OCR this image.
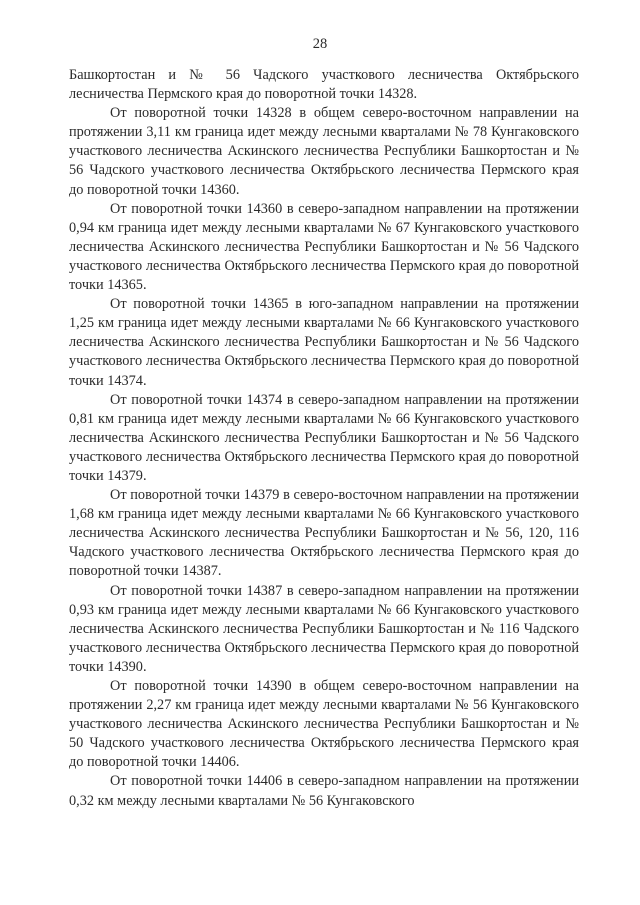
28

Башкортостан и № 56 Чадского участкового лесничества Октябрьского лесничества Пермского края до поворотной точки 14328.

От поворотной точки 14328 в общем северо-восточном направлении на протяжении 3,11 км граница идет между лесными кварталами № 78 Кунгаковского участкового лесничества Аскинского лесничества Республики Башкортостан и № 56 Чадского участкового лесничества Октябрьского лесничества Пермского края до поворотной точки 14360.

От поворотной точки 14360 в северо-западном направлении на протяжении 0,94 км граница идет между лесными кварталами № 67 Кунгаковского участкового лесничества Аскинского лесничества Республики Башкортостан и № 56 Чадского участкового лесничества Октябрьского лесничества Пермского края до поворотной точки 14365.

От поворотной точки 14365 в юго-западном направлении на протяжении 1,25 км граница идет между лесными кварталами № 66 Кунгаковского участкового лесничества Аскинского лесничества Республики Башкортостан и № 56 Чадского участкового лесничества Октябрьского лесничества Пермского края до поворотной точки 14374.

От поворотной точки 14374 в северо-западном направлении на протяжении 0,81 км граница идет между лесными кварталами № 66 Кунгаковского участкового лесничества Аскинского лесничества Республики Башкортостан и № 56 Чадского участкового лесничества Октябрьского лесничества Пермского края до поворотной точки 14379.

От поворотной точки 14379 в северо-восточном направлении на протяжении 1,68 км граница идет между лесными кварталами № 66 Кунгаковского участкового лесничества Аскинского лесничества Республики Башкортостан и № 56, 120, 116 Чадского участкового лесничества Октябрьского лесничества Пермского края до поворотной точки 14387.

От поворотной точки 14387 в северо-западном направлении на протяжении 0,93 км граница идет между лесными кварталами № 66 Кунгаковского участкового лесничества Аскинского лесничества Республики Башкортостан и № 116 Чадского участкового лесничества Октябрьского лесничества Пермского края до поворотной точки 14390.

От поворотной точки 14390 в общем северо-восточном направлении на протяжении 2,27 км граница идет между лесными кварталами № 56 Кунгаковского участкового лесничества Аскинского лесничества Республики Башкортостан и № 50 Чадского участкового лесничества Октябрьского лесничества Пермского края до поворотной точки 14406.

От поворотной точки 14406 в северо-западном направлении на протяжении 0,32 км между лесными кварталами № 56 Кунгаковского
